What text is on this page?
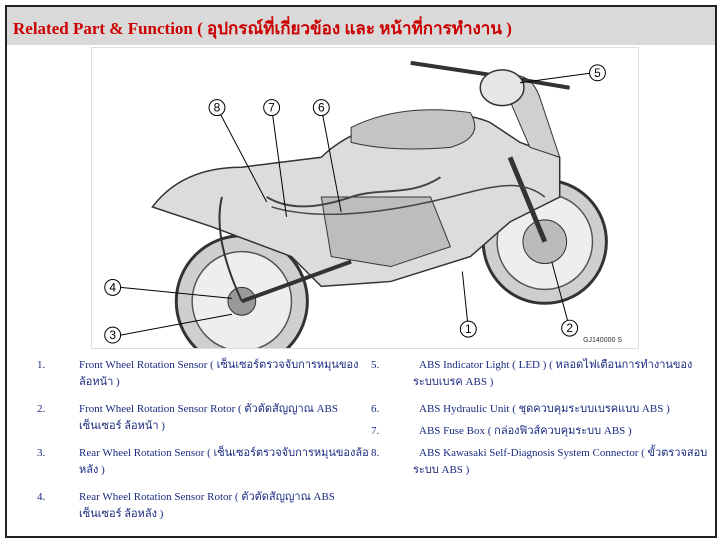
Related Part & Function ( อุปกรณ์ที่เกี่ยวข้อง และ หน้าที่การทำงาน )
1	2
3
4
5
6
7
8
GJ140000 S
1.	Front Wheel Rotation Sensor ( เซ็นเซอร์ตรวจจับการหมุนของล้อหน้า )
2.	Front Wheel Rotation Sensor Rotor ( ตัวตัดสัญญาณ ABS เซ็นเซอร์ ล้อหน้า )
3.	Rear Wheel Rotation Sensor ( เซ็นเซอร์ตรวจจับการหมุนของล้อหลัง )
4.	Rear Wheel Rotation Sensor Rotor ( ตัวตัดสัญญาณ ABS เซ็นเซอร์ ล้อหลัง )
5.	ABS Indicator Light ( LED ) ( หลอดไฟเตือนการทำงานของระบบเบรค ABS )
6.	ABS Hydraulic Unit ( ชุดควบคุมระบบเบรคแบบ ABS )
7.	ABS Fuse Box ( กล่องฟิวส์ควบคุมระบบ ABS )
8.	ABS Kawasaki Self-Diagnosis System Connector ( ขั้วตรวจสอบระบบ ABS )
